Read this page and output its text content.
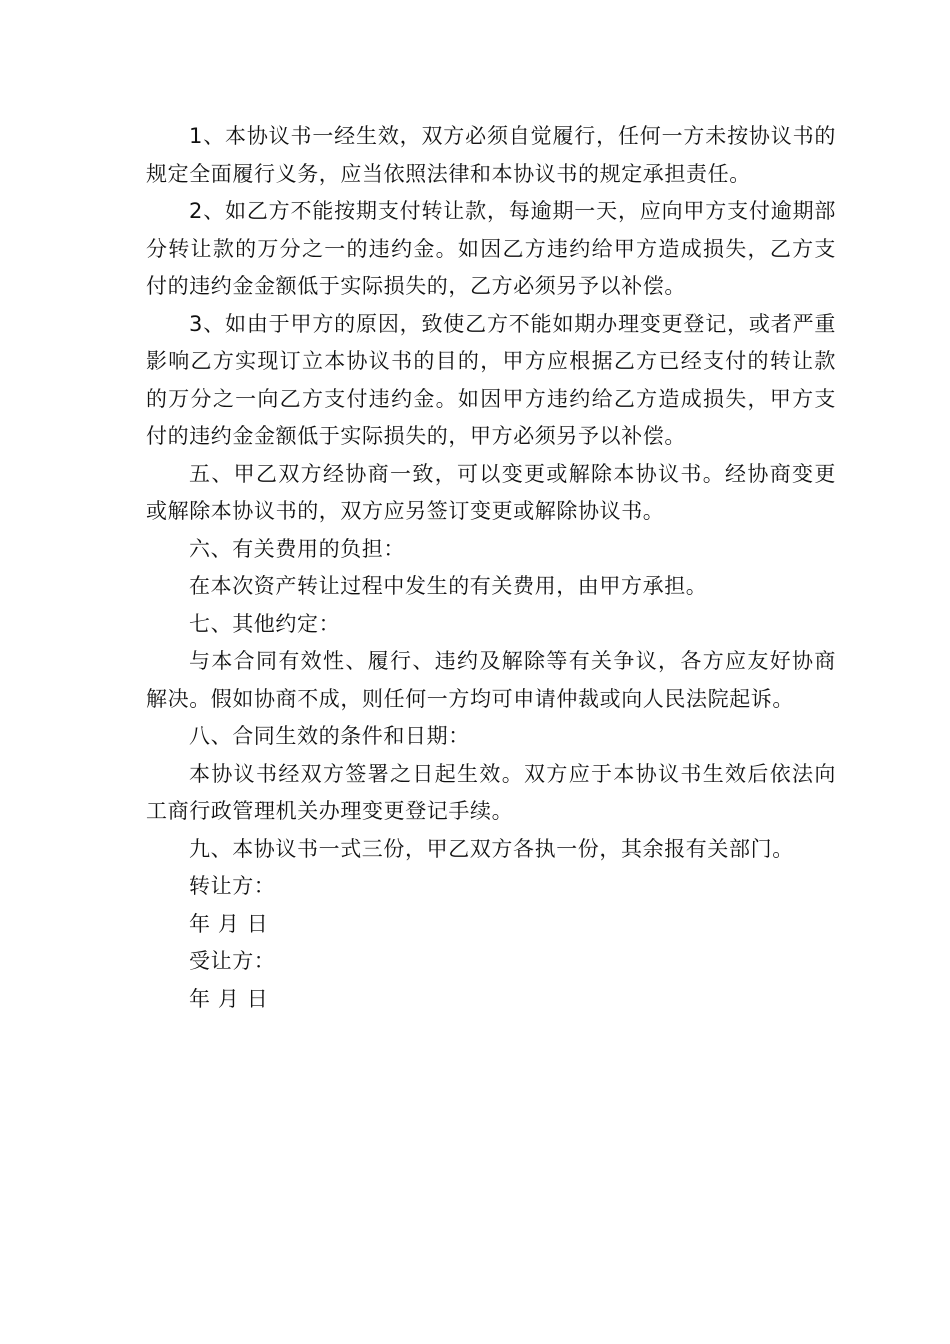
1、本协议书一经生效，双方必须自觉履行，任何一方未按协议书的规定全面履行义务，应当依照法律和本协议书的规定承担责任。

2、如乙方不能按期支付转让款，每逾期一天，应向甲方支付逾期部分转让款的万分之一的违约金。如因乙方违约给甲方造成损失，乙方支付的违约金金额低于实际损失的，乙方必须另予以补偿。

3、如由于甲方的原因，致使乙方不能如期办理变更登记，或者严重影响乙方实现订立本协议书的目的，甲方应根据乙方已经支付的转让款的万分之一向乙方支付违约金。如因甲方违约给乙方造成损失，甲方支付的违约金金额低于实际损失的，甲方必须另予以补偿。

五、甲乙双方经协商一致，可以变更或解除本协议书。经协商变更或解除本协议书的，双方应另签订变更或解除协议书。

六、有关费用的负担：

在本次资产转让过程中发生的有关费用，由甲方承担。

七、其他约定：

与本合同有效性、履行、违约及解除等有关争议，各方应友好协商解决。假如协商不成，则任何一方均可申请仲裁或向人民法院起诉。

八、合同生效的条件和日期：

本协议书经双方签署之日起生效。双方应于本协议书生效后依法向工商行政管理机关办理变更登记手续。

九、本协议书一式三份，甲乙双方各执一份，其余报有关部门。

转让方：

年 月 日

受让方：

年 月 日
